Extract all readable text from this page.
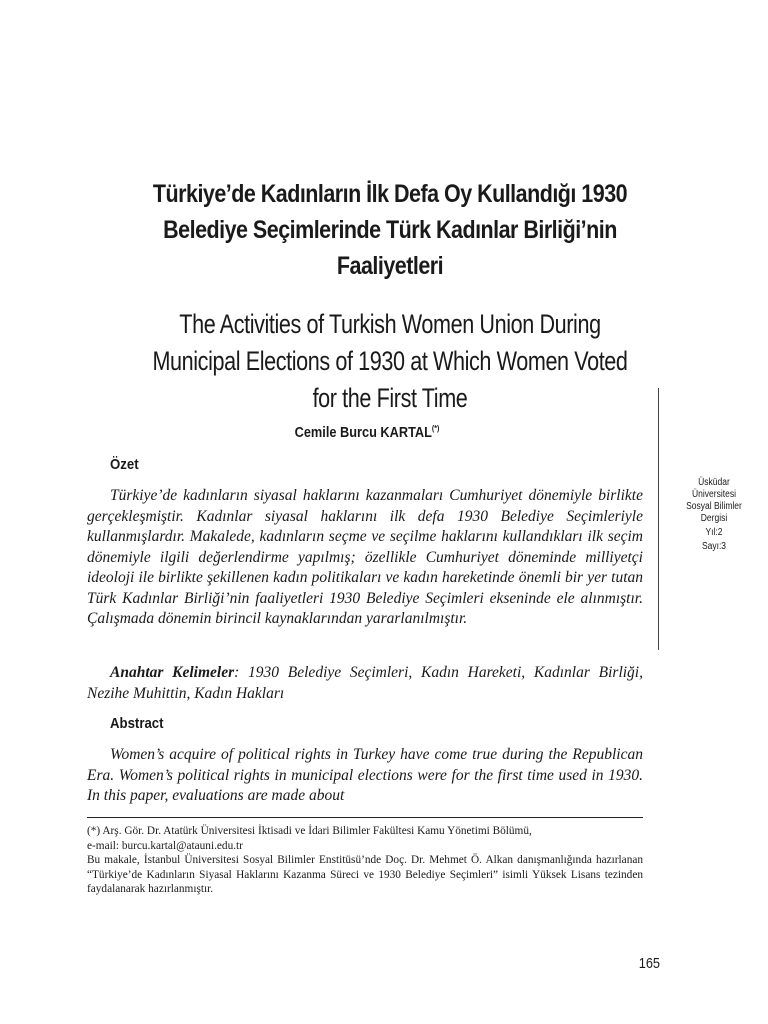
Türkiye’de Kadınların İlk Defa Oy Kullandığı 1930
Belediye Seçimlerinde Türk Kadınlar Birliği’nin
Faaliyetleri
The Activities of Turkish Women Union During
Municipal Elections of 1930 at Which Women Voted
for the First Time
Cemile Burcu KARTAL(*)
Özet
Türkiye’de kadınların siyasal haklarını kazanmaları Cumhuriyet dönemiyle birlikte gerçekleşmiştir. Kadınlar siyasal haklarını ilk defa 1930 Belediye Seçimleriyle kullanmışlardır. Makalede, kadınların seçme ve seçilme haklarını kullandıkları ilk seçim dönemiyle ilgili değerlendirme yapılmış; özellikle Cumhuriyet döneminde milliyetçi ideoloji ile birlikte şekillenen kadın politikaları ve kadın hareketinde önemli bir yer tutan Türk Kadınlar Birliği’nin faaliyetleri 1930 Belediye Seçimleri ekseninde ele alınmıştır. Çalışmada dönemin birincil kaynaklarından yararlanılmıştır.
Anahtar Kelimeler: 1930 Belediye Seçimleri, Kadın Hareketi, Kadınlar Birliği, Nezihe Muhittin, Kadın Hakları
Abstract
Women’s acquire of political rights in Turkey have come true during the Republican Era. Women’s political rights in municipal elections were for the first time used in 1930. In this paper, evaluations are made about
Üsküdar
Üniversitesi
Sosyal Bilimler
Dergisi
Yıl:2
Sayı:3
(*) Arş. Gör. Dr. Atatürk Üniversitesi İktisadi ve İdari Bilimler Fakültesi Kamu Yönetimi Bölümü,
e-mail: burcu.kartal@atauni.edu.tr
Bu makale, İstanbul Üniversitesi Sosyal Bilimler Enstitüsü’nde Doç. Dr. Mehmet Ö. Alkan danışmanlığında hazırlanan “Türkiye’de Kadınların Siyasal Haklarını Kazanma Süreci ve 1930 Belediye Seçimleri” isimli Yüksek Lisans tezinden faydalanarak hazırlanmıştır.
165
